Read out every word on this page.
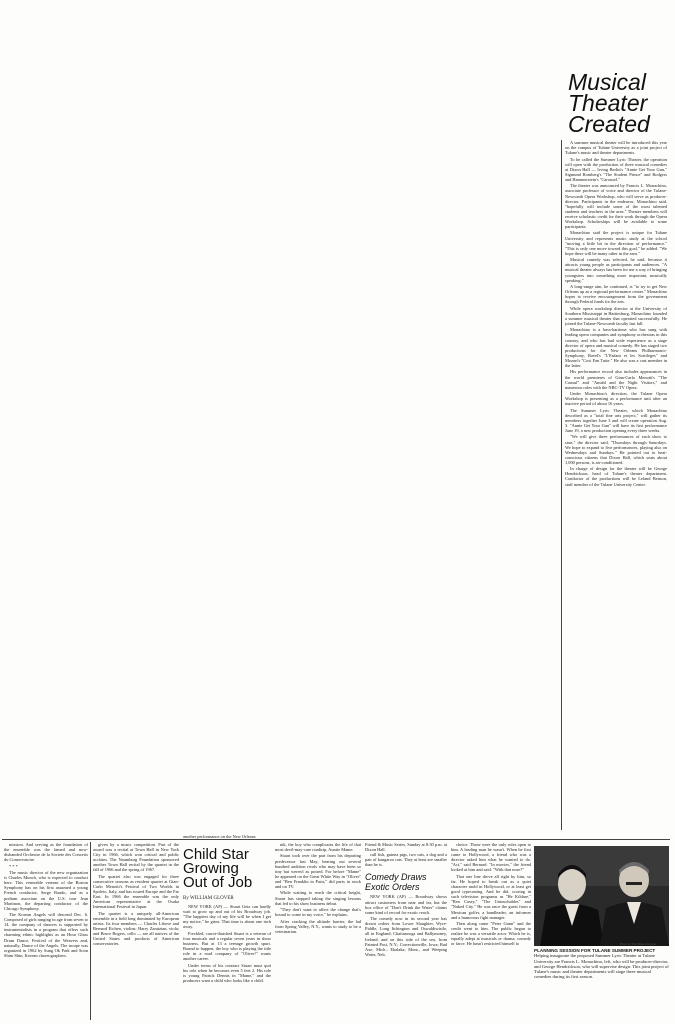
Musical
Theater
Created

A summer musical theater will be introduced this year on the campus of Tulane University as a joint project of Tulane's music and theater departments.

To be called the Summer Lyric Theater, the operation will open with the production of three musical comedies at Dixon Hall — Irving Berlin's "Annie Get Your Gun," Sigmund Romberg's "The Student Prince" and Rodgers and Hammerstein's "Carousel."

The theater was announced by Francis L. Monachino, associate professor of voice and director of the Tulane-Newcomb Opera Workshop, who will serve as producer-director. Participants in the endeavor, Monachino said, "hopefully will include some of the most talented students and teachers in the area." Theater members will receive scholastic credit for their work through the Opera Workshop. Scholarships will be available to some participants.

Monachino said the project is unique for Tulane University and represents music study at the school "moving a little bit in the direction of performance." "This is only one move toward this goal," he added. "We hope there will be many other in the area."

Musical comedy was selected, he said, because it attracts young people as participants and audiences. "A musical theater always has been for me a way of bringing youngsters into something more important, musically speaking."

A long-range aim, he continued, is "to try to get New Orleans up as a regional performance center." Monachino hopes to receive encouragement from the government through Federal funds for the arts.

While opera workshop director at the University of Southern Mississippi in Hattiesburg, Monachino founded a summer musical theater that operated successfully. He joined the Tulane-Newcomb faculty last fall.

Monachino is a bass-baritone who has sung with leading opera companies and symphony orchestras in this country, and who has had wide experience as a stage director of opera and musical comedy. He has staged two productions for the New Orleans Philharmonic-Symphony, Ravel's "L'Enfant et les Sortileges" and Mozart's "Cosi Fan Tutte." He also was a cast member in the latter.

His performance record also includes appearances in the world premieres of Gian-Carlo Menotti's "The Consul" and "Amahl and the Night Visitors," and numerous roles with the NBC-TV Opera.

Under Monachino's direction, the Tulane Opera Workshop is presenting as a performance unit after an inactive period of about 16 years.

The Summer Lyric Theater, which Monachino described as a "total fine arts project," will gather its members together June 3 and will create operation Aug. 3. "Annie Get Your Gun" will have its first performance June 19, a new production opening every three weeks.

"We will give three performances of each show to start," the director said, "Thursdays through Saturdays. We hope to expand to five performances, playing also on Wednesdays and Sundays." He pointed out to heat-conscious citizens that Dixon Hall, which seats about 1,000 persons, is air-conditioned.

In charge of design for the theater will be George Hendrickson, head of Tulane's theater department. Conductor of the productions will be Leland Benson, staff member of the Tulane University Center.

mission. And serving as the foundation of the ensemble was the famed and now-disbanded Orchestre de la Societe des Concerts du Conservatoire.

* * *

The music director of the new organization is Charles Munch, who is expected to conduct here. This venerable veteran of the Boston Symphony has on his first assumed a young French conductor, Serge Baudo, and as a podium associate on the U.S. tour Jean Martinon, the departing conductor of the Chicago Symphony.

The Korean Angels will descend Dec. 6. Composed of girls ranging in age from seven to 14, the company of dancers is supported by instrumentalists in a program that offers such charming ethnic highlights as an Hour Glass Drum Dance, Festival of the Weavers and, naturally, Dance of the Angels. The troupe was organized in 1962 by Sung Ok Park and Soon Shim Shin, Korean choreographers.

given by a music competition. Part of the award was a recital at Town Hall in New York City in 1966, which won critical and public acclaim. The Naumburg Foundation sponsored another Town Hall recital by the quartet in the fall of 1966 and the spring of 1967.

The quartet also was engaged for three consecutive seasons as resident quartet at Gian-Carlo Menotti's Festival of Two Worlds in Spoleto, Italy, and has toured Europe and the Far East. In 1966 the ensemble was the only American representative at the Osaka International Festival in Japan.

The quartet is a uniquely all-American ensemble in a field long dominated by European artists. Its four members — Charles Libove and Bernard Eichen, violins; Harry Zaratzian, viola; and Bruce Rogers, cello — are all natives of the United States and products of American conservatories.

Child Star
Growing
Out of Job
another performance on the New Orleans
By WILLIAM GLOVER

NEW YORK (AP) — Stuart Getz can hardly wait to grow up and out of his Broadway job. "The happiest day of my life will be when I get my notice," he grins. That time is about one inch away.

Freckled, carrot-thatched Stuart is a veteran of four musicals and a regular seven years in show business. But at 13 a teenage growth spurt. Bound to happen, the boy who is playing the title role in a road company of "Oliver!" wants another career.

Under terms of his contract Stuart must quit his role when he becomes even 5 feet 2. His role is young Patrick Dennis in "Mame," and the producers want a child who looks like a child.

nik, the boy who complicates the life of that most devil-may-care roadtrip, Auntie Mame.

Stuart took over the part from his departing predecessor last May, beating out several hundred audition rivals who may have been so tiny but weren't as poised. For before "Mame" he appeared on the Great White Way in "Oliver" and "Ben Franklin in Paris," did parts in stock and on TV.

While waiting to reach the critical height, Stuart has stopped taking the singing lessons that led to his show business debut.

"They don't want to affect the change that's bound to come in my voice," he explains.

After cracking the altitude barrier, the lad from Spring Valley, N.Y., wants to study to be a veterinarian.

Friend & Music Series, Sunday at 8:30 p.m. at Dixon Hall.

call fish, guinea pigs, two cats, a dog and a pair of kangaroo rats. They at least are smaller than he is.

Comedy Draws
Exotic Orders

NEW YORK (AP) — Broadway shows attract customers from near and far, but the box office of "Don't Drink the Water" claims some kind of record for exotic reach.

The comedy now in its second year has drawn orders from Lower Slaughter, Wyre-Piddle, Long Itchington and Oswaldtwistle, all in England; Chattanooga and Ballymoney, Ireland; and on this side of the sea, from Painted Post, N.Y.; Correctionville, Iowa; Bad Axe, Mich.; Ekalaka, Mont., and Weeping Water, Neb.

choice. Those were the only roles open to him. A leading man he wasn't. When he first came to Hollywood, a friend who was a director asked him what he wanted to do. "Act," said Bernard. "In movies," the friend looked at him and said: "With that nose?"

That one line drove all right by him, so far. He hoped to break out as a quiet character mold in Hollywood, or at least get good typecasting. And he did, scoring in such television programs as "He Kildare," "Ben Casey," "The Untouchables" and "Naked City." He was once the guest from a Mexican golfer, a bandleader, an informer and a humorous fight manager.

Then along came "Peter Gunn" and the credit went to him. The public began to realize he was a versatile actor. Which he is, equally adept at musicals or drama, comedy or farce. He hasn't restricted himself to	Photo by The Times-Picayune
PLANNING SESSION FOR TULANE SUMMER PROJECT Helping inaugurate the proposed Summer Lyric Theater at Tulane University are Francis L. Monachino, left, who will be producer-director, and George Hendrickson, who will supervise design. This joint project of Tulane's music and theater departments will stage three musical comedies during its first season.
